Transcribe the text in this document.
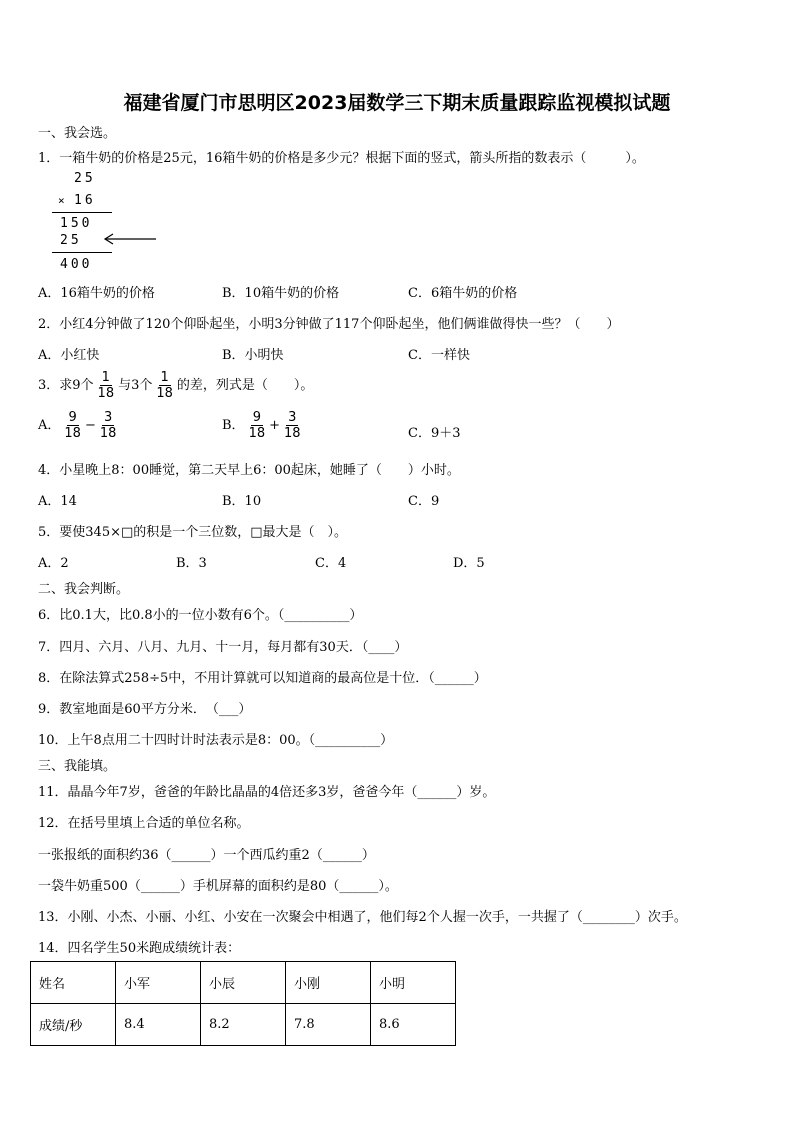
福建省厦门市思明区2023届数学三下期末质量跟踪监视模拟试题
一、我会选。
1．一箱牛奶的价格是25元，16箱牛奶的价格是多少元？根据下面的竖式，箭头所指的数表示（　　　）。
25
× 16
150
25
400
A．16箱牛奶的价格	B．10箱牛奶的价格	C．6箱牛奶的价格
2．小红4分钟做了120个仰卧起坐，小明3分钟做了117个仰卧起坐，他们俩谁做得快一些？（　　）
A．小红快	B．小明快	C．一样快
3．求9个 $\frac{1}{18}$ 与3个 $\frac{1}{18}$ 的差，列式是（　　）。
A． $\frac{9}{18} - \frac{3}{18}$	B． $\frac{9}{18} + \frac{3}{18}$	C．9＋3
4．小星晚上8：00睡觉，第二天早上6：00起床，她睡了（　　）小时。
A．14	B．10	C．9
5．要使345×□的积是一个三位数，□最大是（　）。
A．2	B．3	C．4	D．5
二、我会判断。
6．比0.1大，比0.8小的一位小数有6个。（__________）
7．四月、六月、八月、九月、十一月，每月都有30天．（____）
8．在除法算式258÷5中，不用计算就可以知道商的最高位是十位．（______）
9．教室地面是60平方分米．　（___）
10．上午8点用二十四时计时法表示是8：00。（__________）
三、我能填。
11．晶晶今年7岁，爸爸的年龄比晶晶的4倍还多3岁，爸爸今年（______）岁。
12．在括号里填上合适的单位名称。
一张报纸的面积约36（______）一个西瓜约重2（______）
一袋牛奶重500（______）手机屏幕的面积约是80（______）。
13．小刚、小杰、小丽、小红、小安在一次聚会中相遇了，他们每2个人握一次手，一共握了（________）次手。
14．四名学生50米跑成绩统计表：
姓名	小军	小辰	小刚	小明
成绩/秒	8.4	8.2	7.8	8.6
